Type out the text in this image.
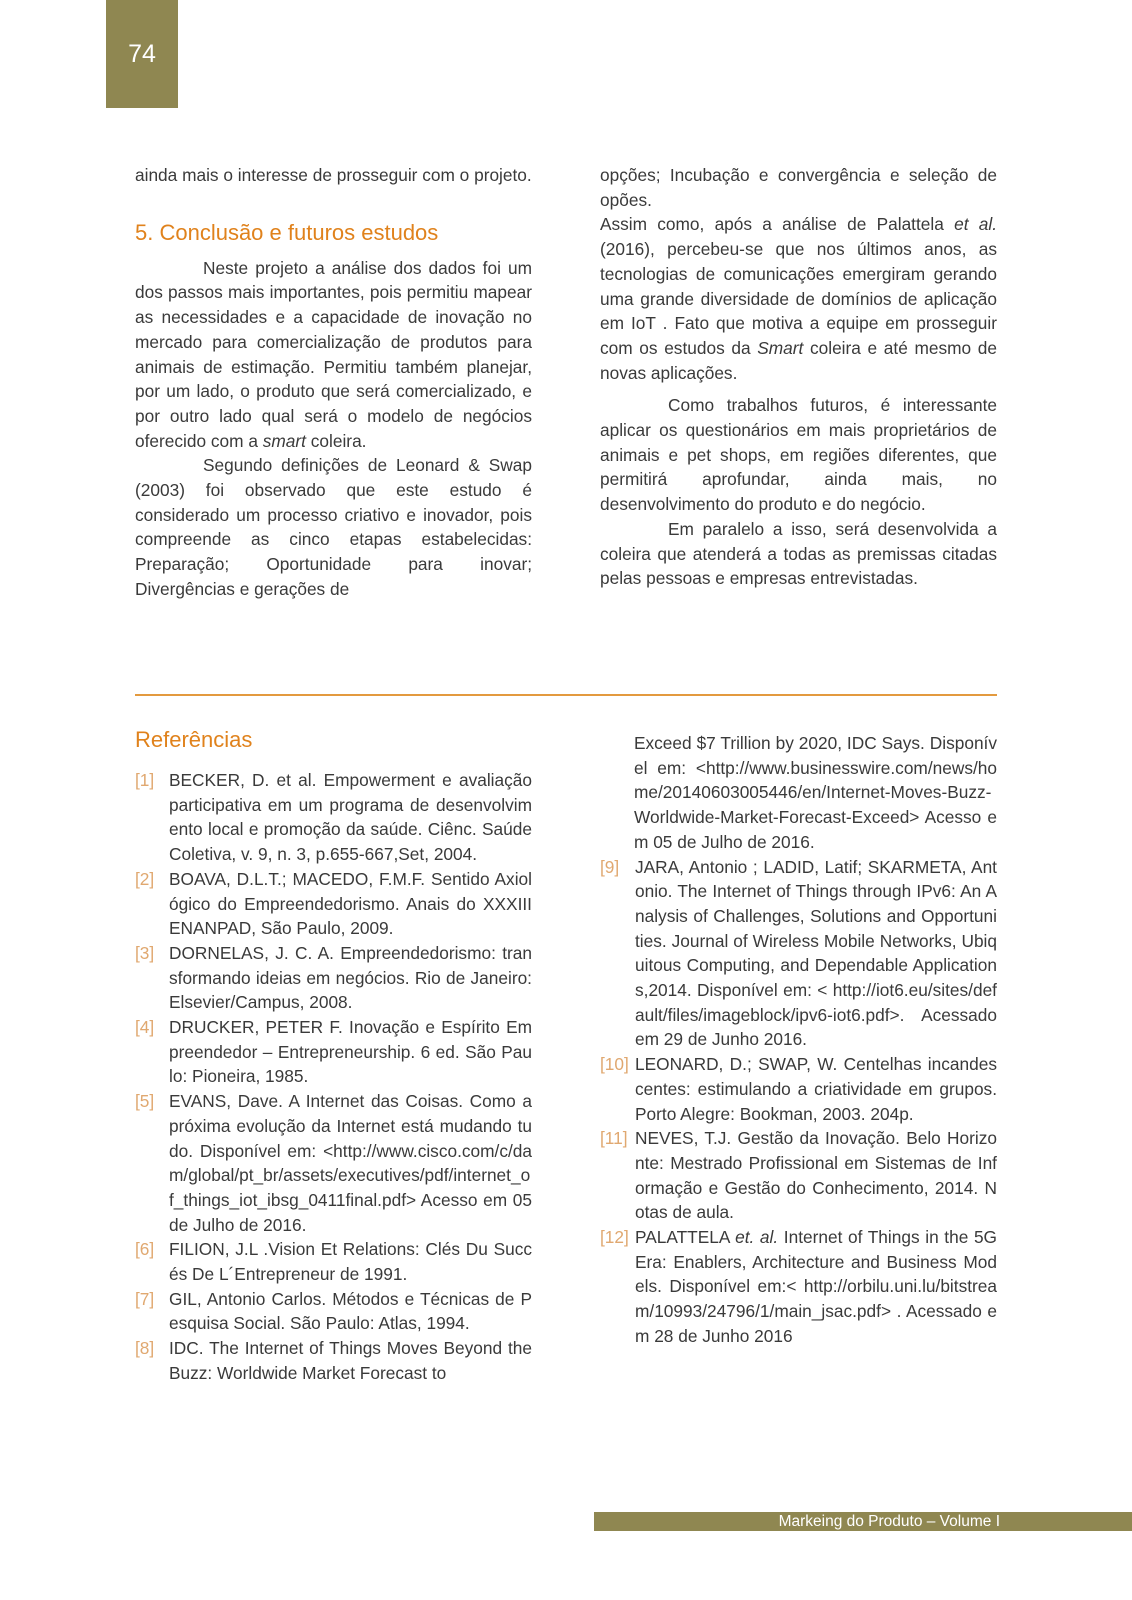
74

ainda mais o interesse de prosseguir com o projeto.

5. Conclusão e futuros estudos

Neste projeto a análise dos dados foi um dos passos mais importantes, pois permitiu mapear as necessidades e a capacidade de inovação no mercado para comercialização de produtos para animais de estimação. Permitiu também planejar, por um lado, o produto que será comercializado, e por outro lado qual será o modelo de negócios oferecido com a smart coleira.

Segundo definições de Leonard & Swap (2003) foi observado que este estudo é considerado um processo criativo e inovador, pois compreende as cinco etapas estabelecidas: Preparação; Oportunidade para inovar; Divergências e gerações de

opções; Incubação e convergência e seleção de opões.

Assim como, após a análise de Palattela et al. (2016), percebeu-se que nos últimos anos, as tecnologias de comunicações emergiram gerando uma grande diversidade de domínios de aplicação em IoT . Fato que motiva a equipe em prosseguir com os estudos da Smart coleira e até mesmo de novas aplicações.

Como trabalhos futuros, é interessante aplicar os questionários em mais proprietários de animais e pet shops, em regiões diferentes, que permitirá aprofundar, ainda mais, no desenvolvimento do produto e do negócio.

Em paralelo a isso, será desenvolvida a coleira que atenderá a todas as premissas citadas pelas pessoas e empresas entrevistadas.

Referências
[1] BECKER, D. et al. Empowerment e avaliação participativa em um programa de desenvolvimento local e promoção da saúde. Ciênc. Saúde Coletiva, v. 9, n. 3, p.655-667,Set, 2004.
[2] BOAVA, D.L.T.; MACEDO, F.M.F. Sentido Axiológico do Empreendedorismo. Anais do XXXIII ENANPAD, São Paulo, 2009.
[3] DORNELAS, J. C. A. Empreendedorismo: transformando ideias em negócios. Rio de Janeiro: Elsevier/Campus, 2008.
[4] DRUCKER, PETER F. Inovação e Espírito Empreendedor – Entrepreneurship. 6 ed. São Paulo: Pioneira, 1985.
[5] EVANS, Dave. A Internet das Coisas. Como a próxima evolução da Internet está mudando tudo. Disponível em: <http://www.cisco.com/c/dam/global/pt_br/assets/executives/pdf/internet_of_things_iot_ibsg_0411final.pdf> Acesso em 05 de Julho de 2016.
[6] FILION, J.L .Vision Et Relations: Clés Du Succés De L´Entrepreneur de 1991.
[7] GIL, Antonio Carlos. Métodos e Técnicas de Pesquisa Social. São Paulo: Atlas, 1994.
[8] IDC. The Internet of Things Moves Beyond the Buzz: Worldwide Market Forecast to
Exceed $7 Trillion by 2020, IDC Says. Disponível em: <http://www.businesswire.com/news/home/20140603005446/en/Internet-Moves-Buzz-Worldwide-Market-Forecast-Exceed> Acesso em 05 de Julho de 2016.
[9] JARA, Antonio ; LADID, Latif; SKARMETA, Antonio. The Internet of Things through IPv6: An Analysis of Challenges, Solutions and Opportunities. Journal of Wireless Mobile Networks, Ubiquitous Computing, and Dependable Applications,2014. Disponível em: < http://iot6.eu/sites/default/files/imageblock/ipv6-iot6.pdf>. Acessado em 29 de Junho 2016.
[10] LEONARD, D.; SWAP, W. Centelhas incandescentes: estimulando a criatividade em grupos. Porto Alegre: Bookman, 2003. 204p.
[11] NEVES, T.J. Gestão da Inovação. Belo Horizonte: Mestrado Profissional em Sistemas de Informação e Gestão do Conhecimento, 2014. Notas de aula.
[12] PALATTELA et. al. Internet of Things in the 5G Era: Enablers, Architecture and Business Models. Disponível em:< http://orbilu.uni.lu/bitstream/10993/24796/1/main_jsac.pdf> . Acessado em 28 de Junho 2016
Markeing do Produto – Volume I
